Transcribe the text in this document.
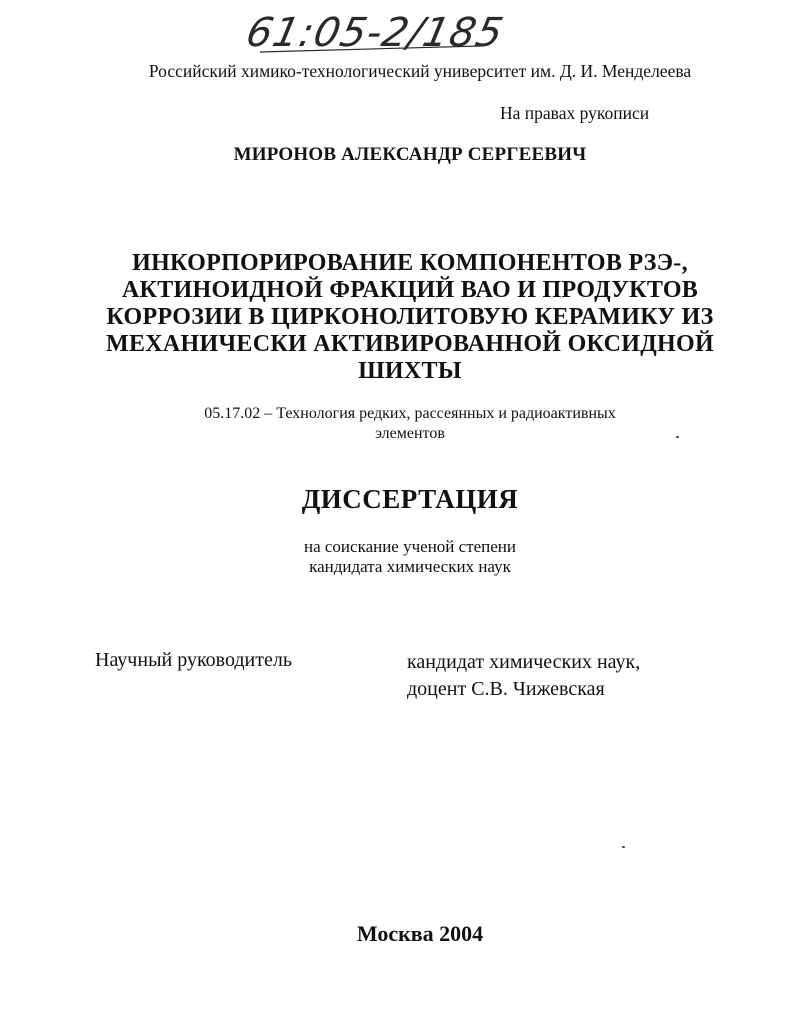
61:05-2/185
Российский химико-технологический университет им. Д. И. Менделеева
На правах рукописи
МИРОНОВ АЛЕКСАНДР СЕРГЕЕВИЧ
ИНКОРПОРИРОВАНИЕ КОМПОНЕНТОВ РЗЭ-,
АКТИНОИДНОЙ ФРАКЦИЙ ВАО И ПРОДУКТОВ
КОРРОЗИИ В ЦИРКОНОЛИТОВУЮ КЕРАМИКУ ИЗ
МЕХАНИЧЕСКИ АКТИВИРОВАННОЙ ОКСИДНОЙ
ШИХТЫ
05.17.02 – Технология редких, рассеянных и радиоактивных
элементов
ДИССЕРТАЦИЯ
на соискание ученой степени
кандидата химических наук
Научный руководитель	кандидат химических наук,
доцент С.В. Чижевская
Москва 2004
